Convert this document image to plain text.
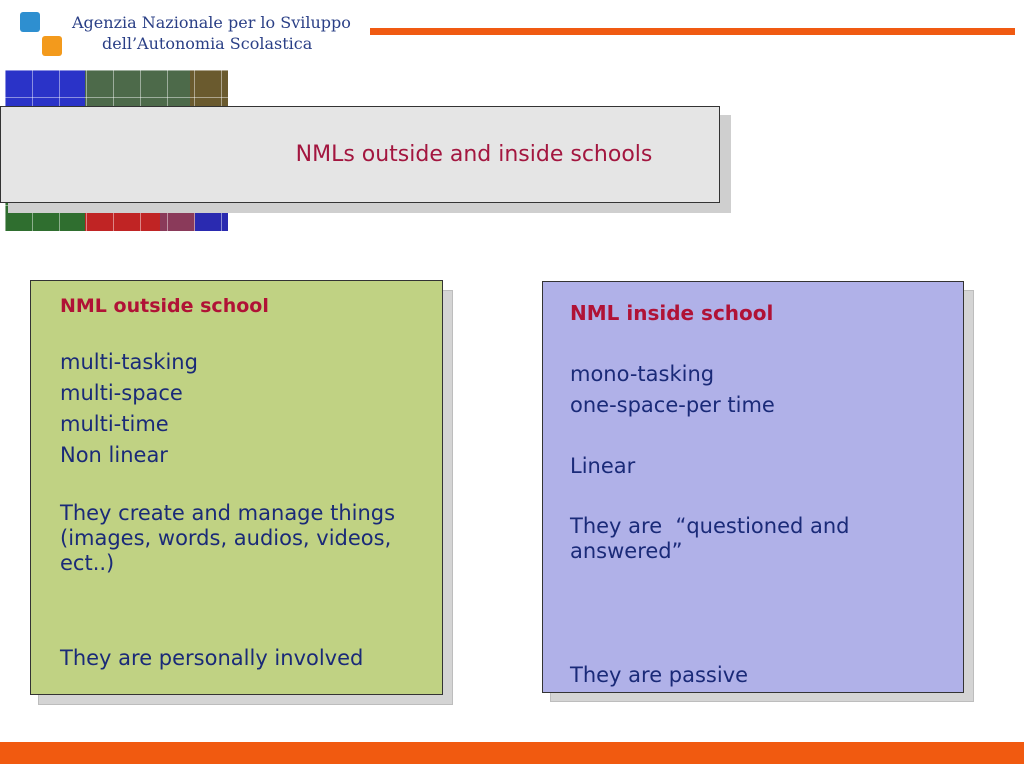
Agenzia Nazionale per lo Sviluppo
dell’Autonomia Scolastica
NMLs outside and inside schools

NML outside school

multi-tasking

multi-space

multi-time

Non linear

They create and manage things (images, words, audios, videos, ect..)

They are personally involved

NML inside school

mono-tasking

one-space-per time

Linear

They are  “questioned and answered”

They are passive
